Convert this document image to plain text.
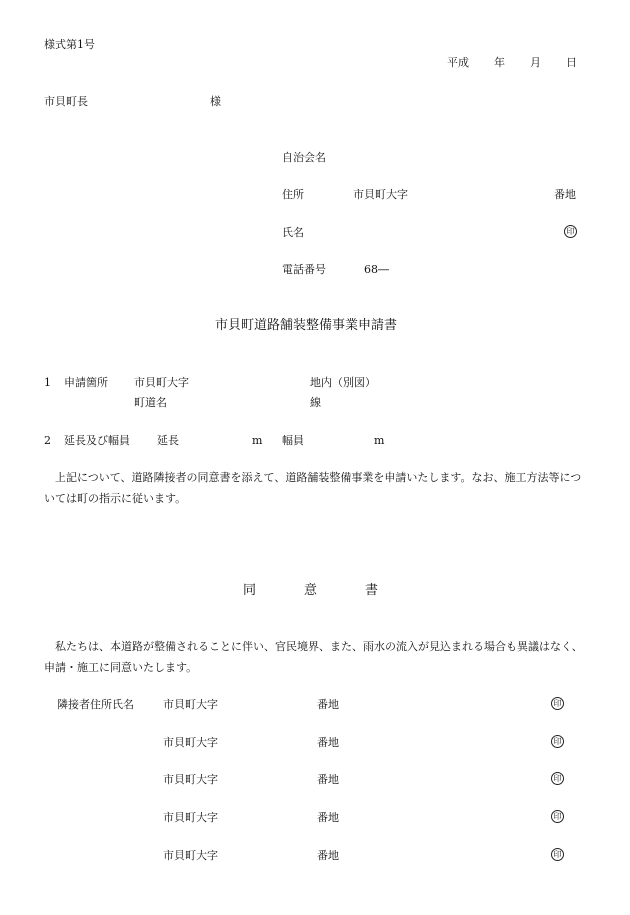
様式第1号
平成 年 月 日
市貝町長	様
自治会名
住所	市貝町大字	番地
氏名	印
電話番号	68―
市貝町道路舗装整備事業申請書
1 申請箇所 市貝町大字	地内（別図）
町道名	線
2 延長及び幅員 延長	m 幅員	m
上記について、道路隣接者の同意書を添えて、道路舗装整備事業を申請いたします。なお、施工方法等については町の指示に従います。
同	意	書
私たちは、本道路が整備されることに伴い、官民境界、また、雨水の流入が見込まれる場合も異議はなく、申請・施工に同意いたします。
隣接者住所氏名	市貝町大字	番地	印
市貝町大字	番地	印
市貝町大字	番地	印
市貝町大字	番地	印
市貝町大字	番地	印
